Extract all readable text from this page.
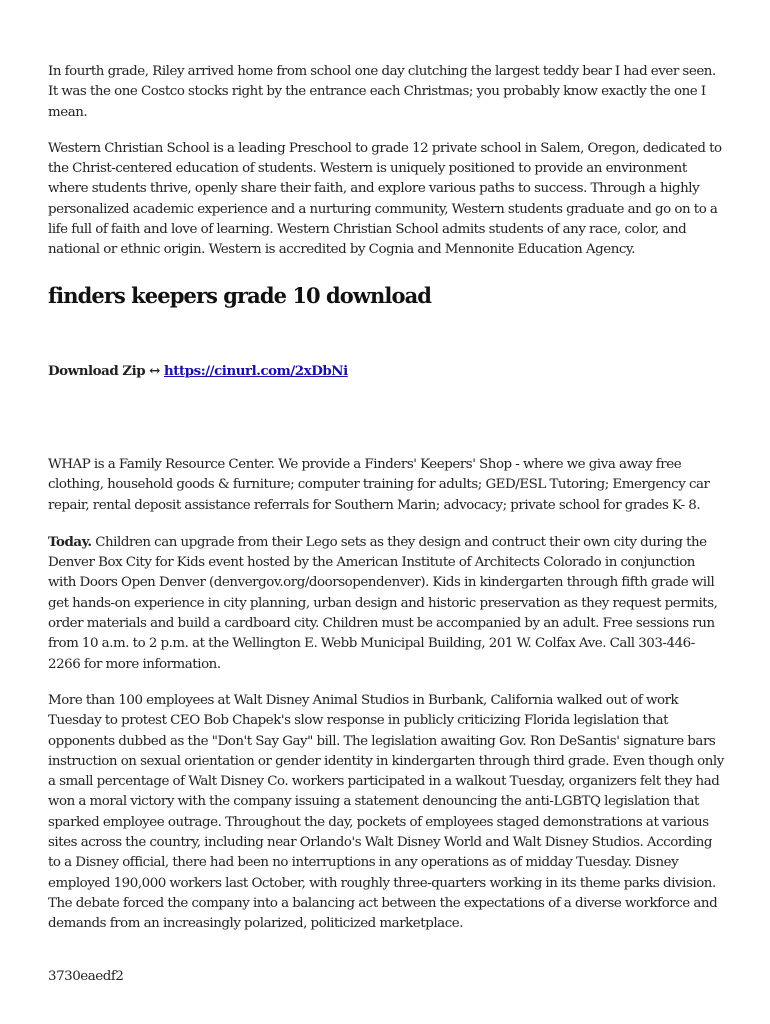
In fourth grade, Riley arrived home from school one day clutching the largest teddy bear I had ever seen. It was the one Costco stocks right by the entrance each Christmas; you probably know exactly the one I mean.

Western Christian School is a leading Preschool to grade 12 private school in Salem, Oregon, dedicated to the Christ-centered education of students. Western is uniquely positioned to provide an environment where students thrive, openly share their faith, and explore various paths to success. Through a highly personalized academic experience and a nurturing community, Western students graduate and go on to a life full of faith and love of learning. Western Christian School admits students of any race, color, and national or ethnic origin. Western is accredited by Cognia and Mennonite Education Agency.

finders keepers grade 10 download

Download Zip ↔ https://cinurl.com/2xDbNi

WHAP is a Family Resource Center. We provide a Finders' Keepers' Shop - where we giva away free clothing, household goods & furniture; computer training for adults; GED/ESL Tutoring; Emergency car repair, rental deposit assistance referrals for Southern Marin; advocacy; private school for grades K- 8.

Today. Children can upgrade from their Lego sets as they design and contruct their own city during the Denver Box City for Kids event hosted by the American Institute of Architects Colorado in conjunction with Doors Open Denver (denvergov.org/doorsopendenver). Kids in kindergarten through fifth grade will get hands-on experience in city planning, urban design and historic preservation as they request permits, order materials and build a cardboard city. Children must be accompanied by an adult. Free sessions run from 10 a.m. to 2 p.m. at the Wellington E. Webb Municipal Building, 201 W. Colfax Ave. Call 303-446-2266 for more information.

More than 100 employees at Walt Disney Animal Studios in Burbank, California walked out of work Tuesday to protest CEO Bob Chapek's slow response in publicly criticizing Florida legislation that opponents dubbed as the "Don't Say Gay" bill. The legislation awaiting Gov. Ron DeSantis' signature bars instruction on sexual orientation or gender identity in kindergarten through third grade. Even though only a small percentage of Walt Disney Co. workers participated in a walkout Tuesday, organizers felt they had won a moral victory with the company issuing a statement denouncing the anti-LGBTQ legislation that sparked employee outrage. Throughout the day, pockets of employees staged demonstrations at various sites across the country, including near Orlando's Walt Disney World and Walt Disney Studios. According to a Disney official, there had been no interruptions in any operations as of midday Tuesday. Disney employed 190,000 workers last October, with roughly three-quarters working in its theme parks division. The debate forced the company into a balancing act between the expectations of a diverse workforce and demands from an increasingly polarized, politicized marketplace.

3730eaedf2
